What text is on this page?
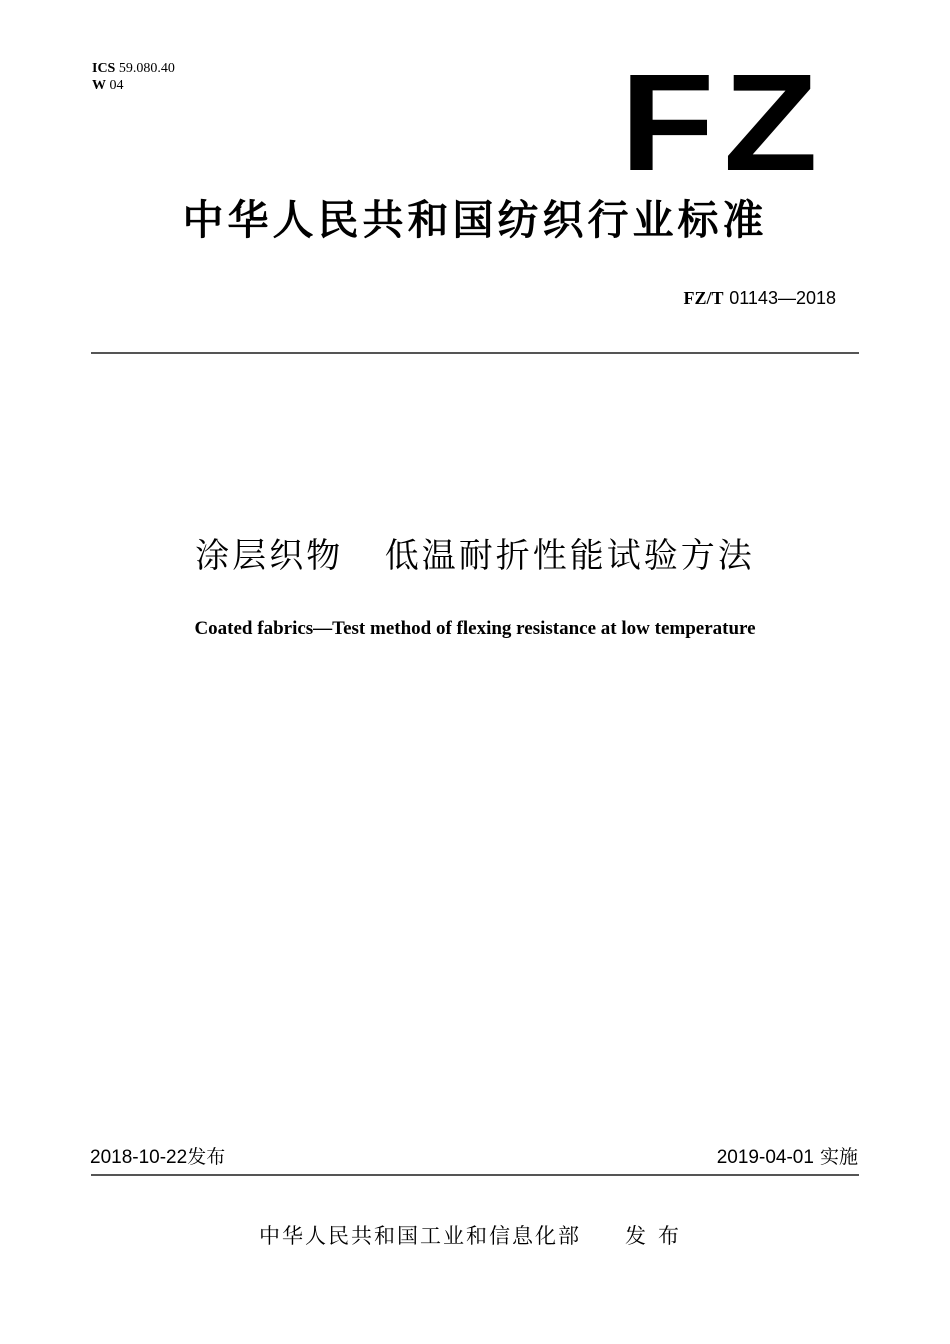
ICS 59.080.40
W 04	FZ
中华人民共和国纺织行业标准
FZ/T 01143—2018
涂层织物 低温耐折性能试验方法
Coated fabrics—Test method of flexing resistance at low temperature
2018-10-22发布	2019-04-01 实施
中华人民共和国工业和信息化部 发布
